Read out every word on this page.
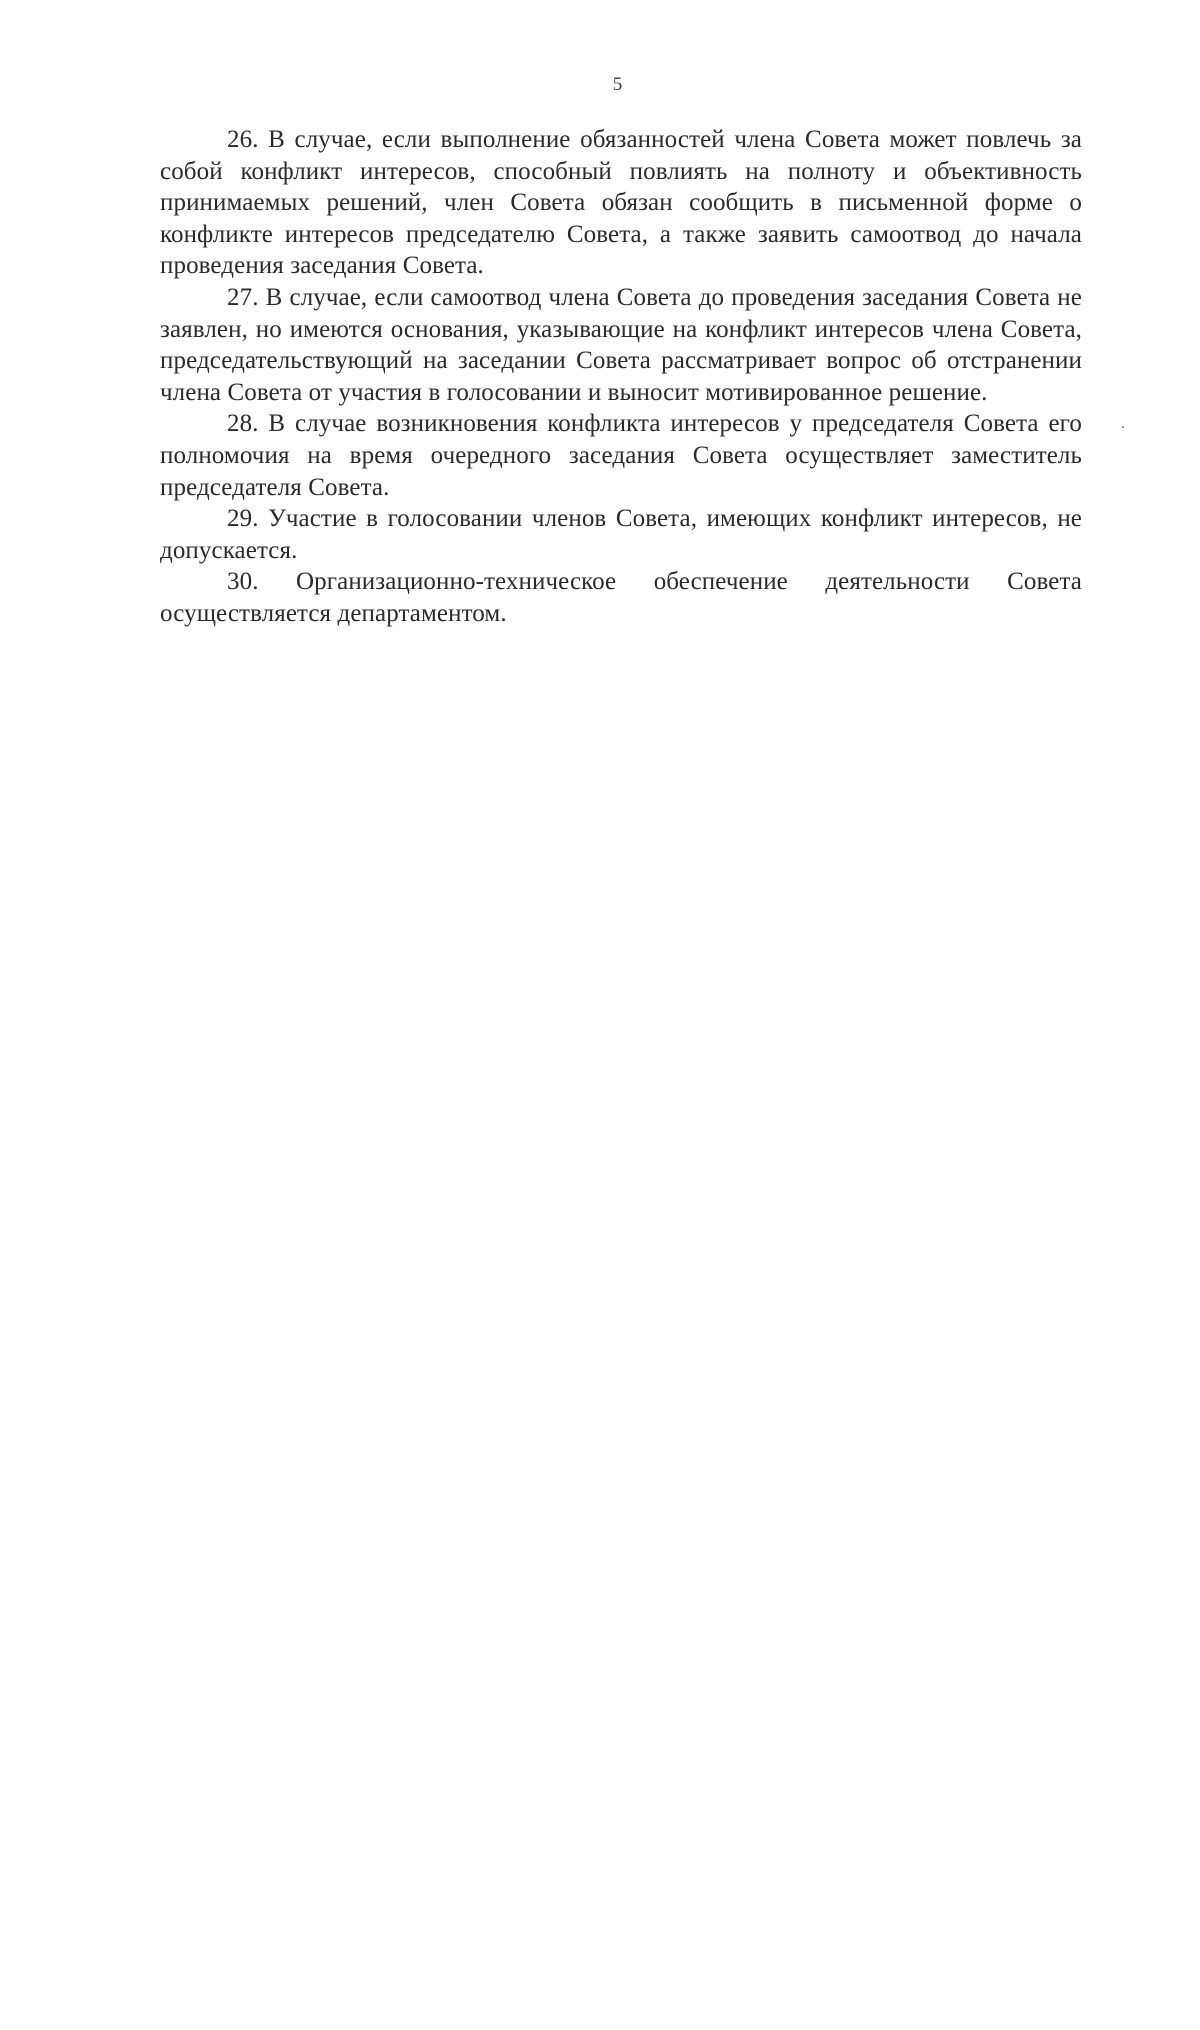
5

26. В случае, если выполнение обязанностей члена Совета может повлечь за собой конфликт интересов, способный повлиять на полноту и объективность принимаемых решений, член Совета обязан сообщить в письменной форме о конфликте интересов председателю Совета, а также заявить самоотвод до начала проведения заседания Совета.

27. В случае, если самоотвод члена Совета до проведения заседания Совета не заявлен, но имеются основания, указывающие на конфликт интересов члена Совета, председательствующий на заседании Совета рассматривает вопрос об отстранении члена Совета от участия в голосовании и выносит мотивированное решение.

28. В случае возникновения конфликта интересов у председателя Совета его полномочия на время очередного заседания Совета осуществляет заместитель председателя Совета.

29. Участие в голосовании членов Совета, имеющих конфликт интересов, не допускается.

30. Организационно-техническое обеспечение деятельности Совета осуществляется департаментом.
